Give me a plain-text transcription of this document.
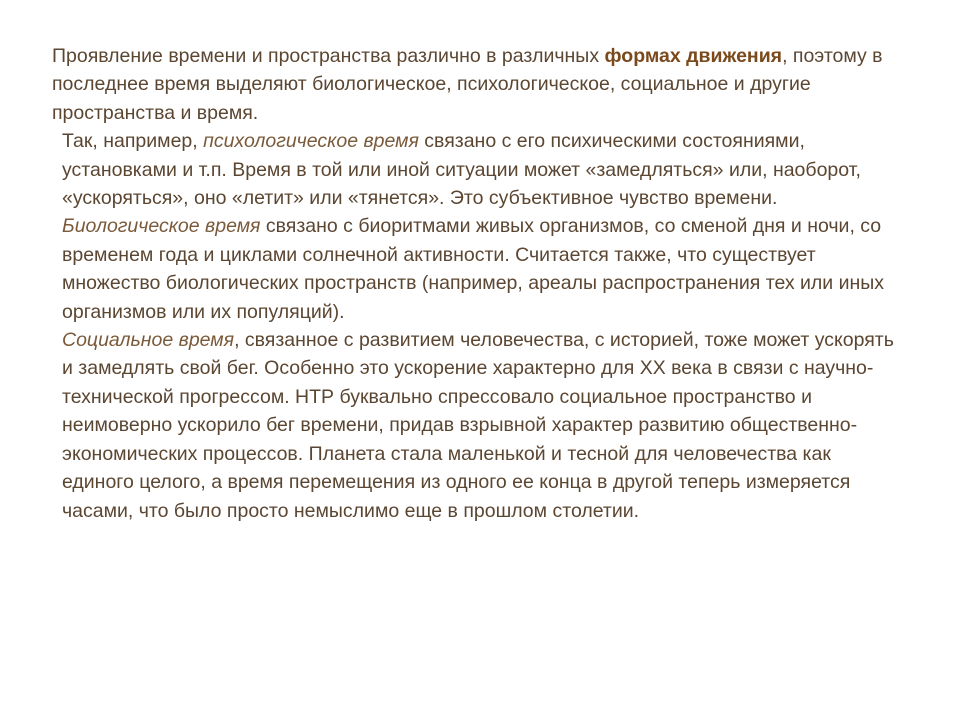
Проявление времени и пространства различно в различных формах движения, поэтому в последнее время выделяют биологическое, психологическое, социальное и другие пространства и время.

Так, например, психологическое время связано с его психическими состояниями, установками и т.п. Время в той или иной ситуации может «замедляться» или, наоборот, «ускоряться», оно «летит» или «тянется». Это субъективное чувство времени.

Биологическое время связано с биоритмами живых организмов, со сменой дня и ночи, со временем года и циклами солнечной активности. Считается также, что существует множество биологических пространств (например, ареалы распространения тех или иных организмов или их популяций).

Социальное время, связанное с развитием человечества, с историей, тоже может ускорять и замедлять свой бег. Особенно это ускорение характерно для XX века в связи с научно-технической прогрессом. НТР буквально спрессовало социальное пространство и неимоверно ускорило бег времени, придав взрывной характер развитию общественно-экономических процессов. Планета стала маленькой и тесной для человечества как единого целого, а время перемещения из одного ее конца в другой теперь измеряется часами, что было просто немыслимо еще в прошлом столетии.
